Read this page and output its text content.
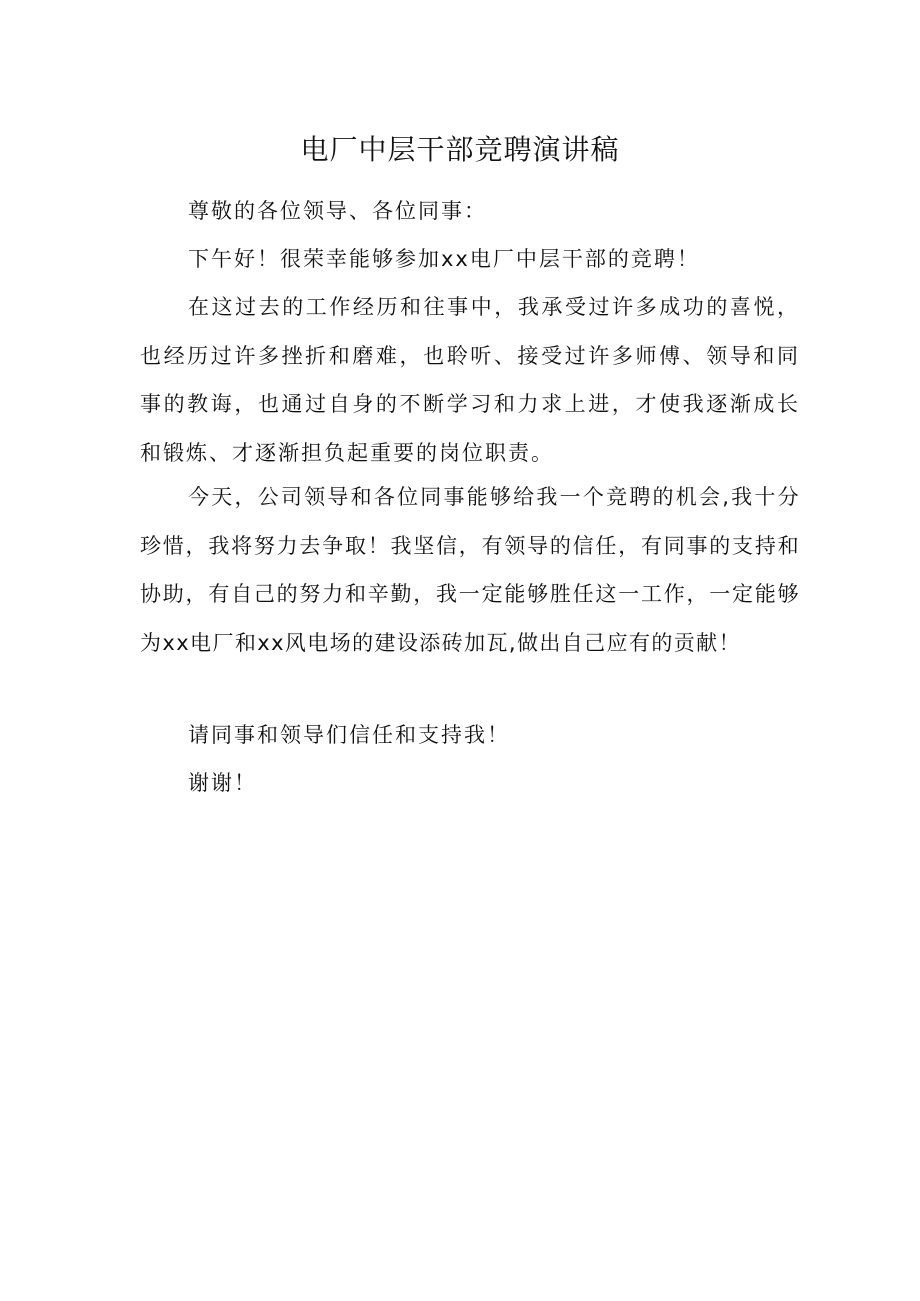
电厂中层干部竞聘演讲稿
尊敬的各位领导、各位同事：
下午好！很荣幸能够参加xx电厂中层干部的竞聘！
在这过去的工作经历和往事中，我承受过许多成功的喜悦，也经历过许多挫折和磨难，也聆听、接受过许多师傅、领导和同事的教诲，也通过自身的不断学习和力求上进，才使我逐渐成长和锻炼、才逐渐担负起重要的岗位职责。
今天，公司领导和各位同事能够给我一个竞聘的机会,我十分珍惜，我将努力去争取！我坚信，有领导的信任，有同事的支持和协助，有自己的努力和辛勤，我一定能够胜任这一工作，一定能够为xx电厂和xx风电场的建设添砖加瓦,做出自己应有的贡献！
请同事和领导们信任和支持我！
谢谢！
